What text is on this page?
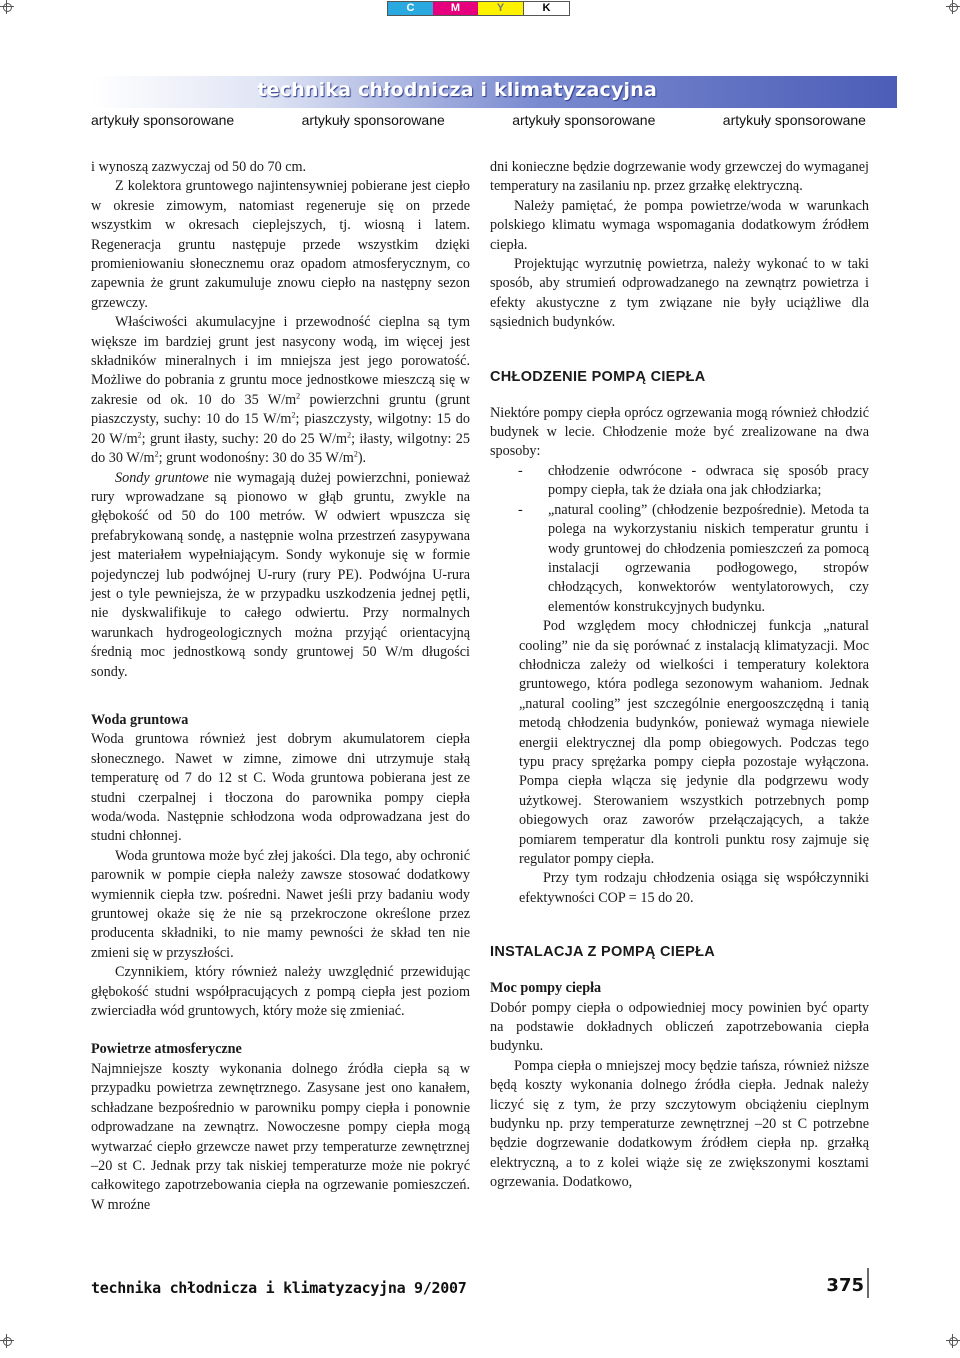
C	M	Y	K
technika chłodnicza i klimatyzacyjna
artykuły sponsorowane	artykuły sponsorowane	artykuły sponsorowane	artykuły sponsorowane

i wynoszą zazwyczaj od 50 do 70 cm.

Z kolektora gruntowego najintensywniej pobierane jest ciepło w okresie zimowym, natomiast regeneruje się on przede wszystkim w okresach cieplejszych, tj. wiosną i latem. Regeneracja gruntu następuje przede wszystkim dzięki promieniowaniu słonecznemu oraz opadom atmosferycznym, co zapewnia że grunt zakumuluje znowu ciepło na następny sezon grzewczy.

Właściwości akumulacyjne i przewodność cieplna są tym większe im bardziej grunt jest nasycony wodą, im więcej jest składników mineralnych i im mniejsza jest jego porowatość. Możliwe do pobrania z gruntu moce jednostkowe mieszczą się w zakresie od ok. 10 do 35 $W/m^2$ powierzchni gruntu (grunt piaszczysty, suchy: 10 do 15 $W/m^2$; piaszczysty, wilgotny: 15 do 20 $W/m^2$; grunt iłasty, suchy: 20 do 25 $W/m^2$; iłasty, wilgotny: 25 do 30 $W/m^2$; grunt wodonośny: 30 do 35 $W/m^2$).

Sondy gruntowe nie wymagają dużej powierzchni, ponieważ rury wprowadzane są pionowo w głąb gruntu, zwykle na głębokość od 50 do 100 metrów. W odwiert wpuszcza się prefabrykowaną sondę, a następnie wolna przestrzeń zasypywana jest materiałem wypełniającym. Sondy wykonuje się w formie pojedynczej lub podwójnej U-rury (rury PE). Podwójna U-rura jest o tyle pewniejsza, że w przypadku uszkodzenia jednej pętli, nie dyskwalifikuje to całego odwiertu. Przy normalnych warunkach hydrogeologicznych można przyjąć orientacyjną średnią moc jednostkową sondy gruntowej 50 W/m długości sondy.

Woda gruntowa

Woda gruntowa również jest dobrym akumulatorem ciepła słonecznego. Nawet w zimne, zimowe dni utrzymuje stałą temperaturę od 7 do 12 st C. Woda gruntowa pobierana jest ze studni czerpalnej i tłoczona do parownika pompy ciepła woda/woda. Następnie schłodzona woda odprowadzana jest do studni chłonnej.

Woda gruntowa może być złej jakości. Dla tego, aby ochronić parownik w pompie ciepła należy zawsze stosować dodatkowy wymiennik ciepła tzw. pośredni. Nawet jeśli przy badaniu wody gruntowej okaże się że nie są przekroczone określone przez producenta składniki, to nie mamy pewności że skład ten nie zmieni się w przyszłości.

Czynnikiem, który również należy uwzględnić przewidując głębokość studni współpracujących z pompą ciepła jest poziom zwierciadła wód gruntowych, który może się zmieniać.

Powietrze atmosferyczne

Najmniejsze koszty wykonania dolnego źródła ciepła są w przypadku powietrza zewnętrznego. Zasysane jest ono kanałem, schładzane bezpośrednio w parowniku pompy ciepła i ponownie odprowadzane na zewnątrz. Nowoczesne pompy ciepła mogą wytwarzać ciepło grzewcze nawet przy temperaturze zewnętrznej –20 st C. Jednak przy tak niskiej temperaturze może nie pokryć całkowitego zapotrzebowania ciepła na ogrzewanie pomieszczeń. W mroźne

dni konieczne będzie dogrzewanie wody grzewczej do wymaganej temperatury na zasilaniu np. przez grzałkę elektryczną.

Należy pamiętać, że pompa powietrze/woda w warunkach polskiego klimatu wymaga wspomagania dodatkowym źródłem ciepła.

Projektując wyrzutnię powietrza, należy wykonać to w taki sposób, aby strumień odprowadzanego na zewnątrz powietrza i efekty akustyczne z tym związane nie były uciążliwe dla sąsiednich budynków.

CHŁODZENIE POMPĄ CIEPŁA

Niektóre pompy ciepła oprócz ogrzewania mogą również chłodzić budynek w lecie. Chłodzenie może być zrealizowane na dwa sposoby:

- chłodzenie odwrócone - odwraca się sposób pracy pompy ciepła, tak że działa ona jak chłodziarka;
- „natural cooling” (chłodzenie bezpośrednie). Metoda ta polega na wykorzystaniu niskich temperatur gruntu i wody gruntowej do chłodzenia pomieszczeń za pomocą instalacji ogrzewania podłogowego, stropów chłodzących, konwektorów wentylatorowych, czy elementów konstrukcyjnych budynku.

Pod względem mocy chłodniczej funkcja „natural cooling” nie da się porównać z instalacją klimatyzacji. Moc chłodnicza zależy od wielkości i temperatury kolektora gruntowego, która podlega sezonowym wahaniom. Jednak „natural cooling” jest szczególnie energooszczędną i tanią metodą chłodzenia budynków, ponieważ wymaga niewiele energii elektrycznej dla pomp obiegowych. Podczas tego typu pracy sprężarka pompy ciepła pozostaje wyłączona. Pompa ciepła wlącza się jedynie dla podgrzewu wody użytkowej. Sterowaniem wszystkich potrzebnych pomp obiegowych oraz zaworów przełączających, a także pomiarem temperatur dla kontroli punktu rosy zajmuje się regulator pompy ciepła.

Przy tym rodzaju chłodzenia osiąga się współczynniki efektywności COP = 15 do 20.

INSTALACJA Z POMPĄ CIEPŁA

Moc pompy ciepła

Dobór pompy ciepła o odpowiedniej mocy powinien być oparty na podstawie dokładnych obliczeń zapotrzebowania ciepła budynku.

Pompa ciepła o mniejszej mocy będzie tańsza, również niższe będą koszty wykonania dolnego źródła ciepła. Jednak należy liczyć się z tym, że przy szczytowym obciążeniu cieplnym budynku np. przy temperaturze zewnętrznej –20 st C potrzebne będzie dogrzewanie dodatkowym źródłem ciepła np. grzałką elektryczną, a to z kolei wiąże się ze zwiększonymi kosztami ogrzewania. Dodatkowo,

technika chłodnicza i klimatyzacyjna 9/2007	375
